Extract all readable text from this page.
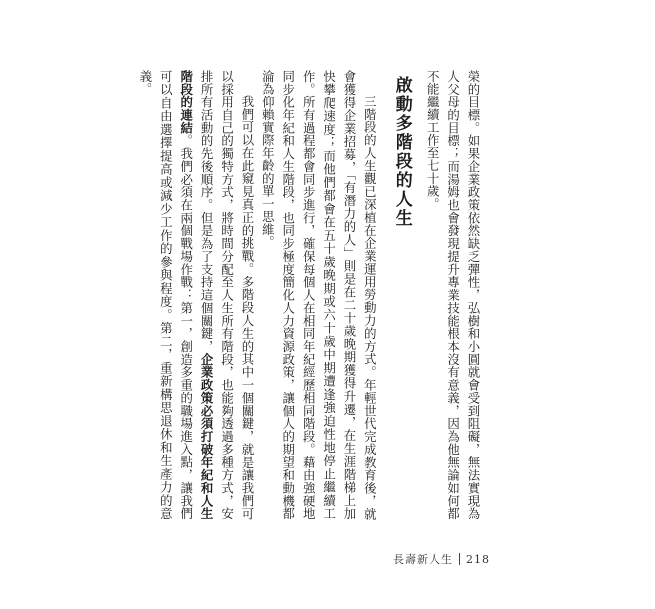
榮的目標。如果企業政策依然缺乏彈性，弘樹和小圓就會受到阻礙，無法實現為人父母的目標；而湯姆也會發現提升專業技能根本沒有意義，因為他無論如何都不能繼續工作至七十歲。

啟動多階段的人生

三階段的人生觀已深植在企業運用勞動力的方式。年輕世代完成教育後，就會獲得企業招募，「有潛力的人」則是在二十歲晚期獲得升遷，在生涯階梯上加快攀爬速度；而他們都會在五十歲晚期或六十歲中期遭逢強迫性地停止繼續工作。所有過程都會同步進行，確保每個人在相同年紀經歷相同階段。藉由強硬地同步化年紀和人生階段，也同步極度簡化人力資源政策，讓個人的期望和動機都淪為仰賴實際年齡的單一思維。

我們可以在此窺見真正的挑戰。多階段人生的其中一個關鍵，就是讓我們可以採用自己的獨特方式，將時間分配至人生所有階段，也能夠透過多種方式，安排所有活動的先後順序。但是為了支持這個關鍵，企業政策必須打破年紀和人生階段的連結。我們必須在兩個戰場作戰：第一，創造多重的職場進入點，讓我們可以自由選擇提高或減少工作的參與程度。第二，重新構思退休和生產力的意義。

長壽新人生 218
